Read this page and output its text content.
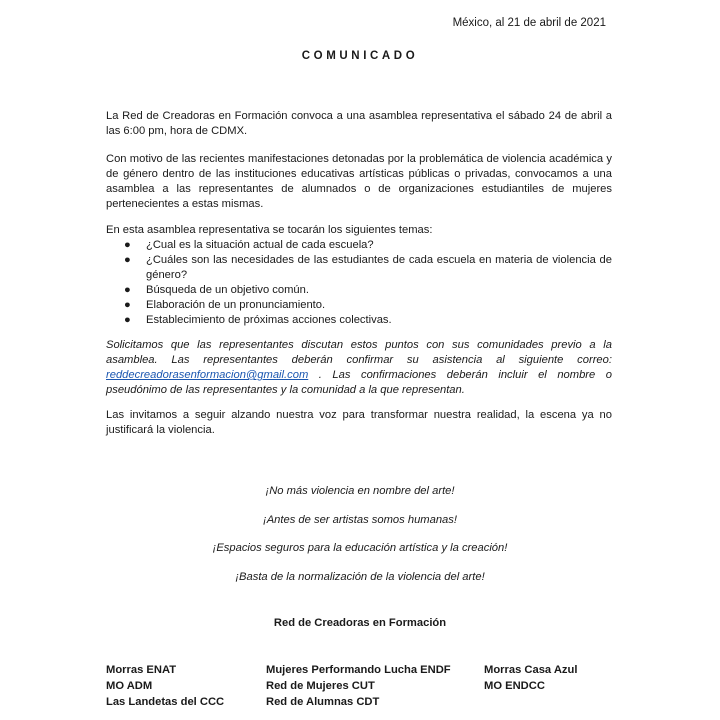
México, al 21 de abril de 2021
COMUNICADO

La Red de Creadoras en Formación convoca a una asamblea representativa el sábado 24 de abril a las 6:00 pm, hora de CDMX.

Con motivo de las recientes manifestaciones detonadas por la problemática de violencia académica y de género dentro de las instituciones educativas artísticas públicas o privadas, convocamos a una asamblea a las representantes de alumnados o de organizaciones estudiantiles de mujeres pertenecientes a estas mismas.

En esta asamblea representativa se tocarán los siguientes temas:

● ¿Cual es la situación actual de cada escuela?
● ¿Cuáles son las necesidades de las estudiantes de cada escuela en materia de violencia de género?
● Búsqueda de un objetivo común.
● Elaboración de un pronunciamiento.
● Establecimiento de próximas acciones colectivas.

Solicitamos que las representantes discutan estos puntos con sus comunidades previo a la asamblea. Las representantes deberán confirmar su asistencia al siguiente correo: reddecreadorasenformacion@gmail.com . Las confirmaciones deberán incluir el nombre o pseudónimo de las representantes y la comunidad a la que representan.

Las invitamos a seguir alzando nuestra voz para transformar nuestra realidad, la escena ya no justificará la violencia.

¡No más violencia en nombre del arte!
¡Antes de ser artistas somos humanas!
¡Espacios seguros para la educación artística y la creación!
¡Basta de la normalización de la violencia del arte!
Red de Creadoras en Formación
Morras ENAT	Mujeres Performando Lucha ENDF	Morras Casa Azul
MO ADM	Red de Mujeres CUT	MO ENDCC
Las Landetas del CCC	Red de Alumnas CDT
